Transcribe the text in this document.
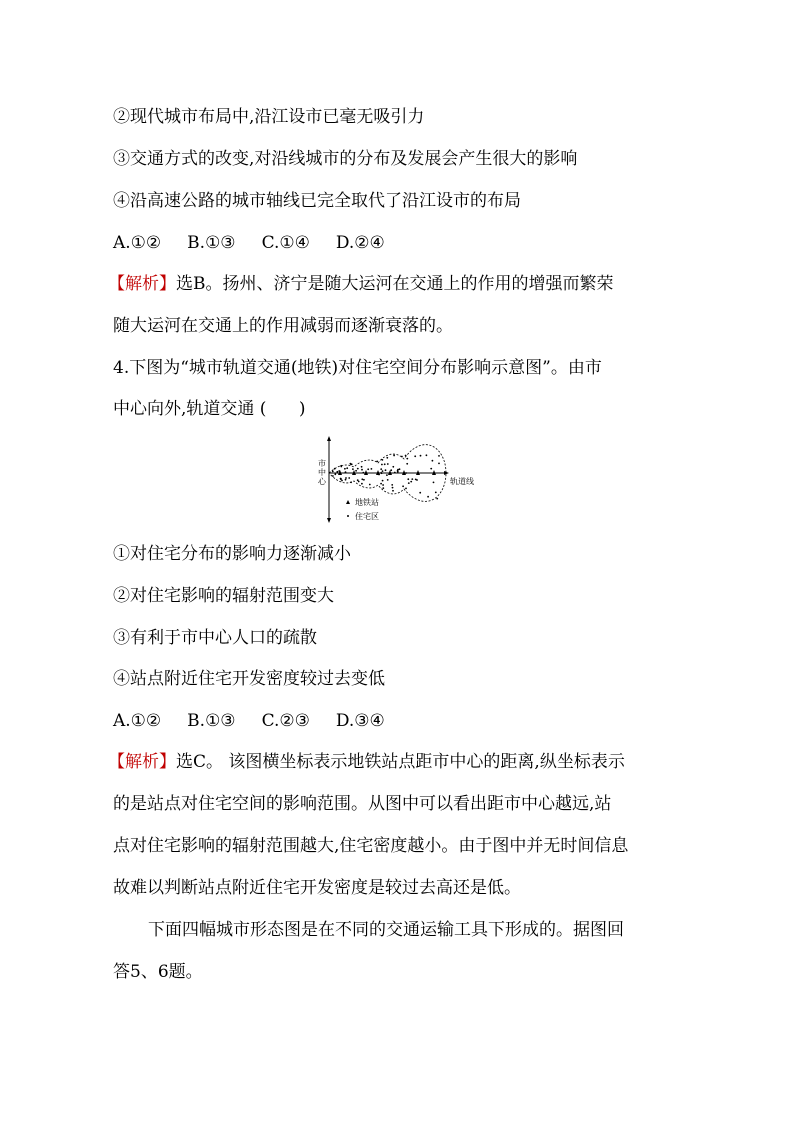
②现代城市布局中,沿江设市已毫无吸引力
③交通方式的改变,对沿线城市的分布及发展会产生很大的影响
④沿高速公路的城市轴线已完全取代了沿江设市的布局
A.①② B.①③ C.①④ D.②④
【解析】选B。扬州、济宁是随大运河在交通上的作用的增强而繁荣
随大运河在交通上的作用减弱而逐渐衰落的。
4.下图为“城市轨道交通(地铁)对住宅空间分布影响示意图”。由市
中心向外,轨道交通 (      )
市
中
心	轨道线
地铁站
住宅区
①对住宅分布的影响力逐渐减小
②对住宅影响的辐射范围变大
③有利于市中心人口的疏散
④站点附近住宅开发密度较过去变低
A.①② B.①③ C.②③ D.③④
【解析】选C。 该图横坐标表示地铁站点距市中心的距离,纵坐标表示
的是站点对住宅空间的影响范围。从图中可以看出距市中心越远,站
点对住宅影响的辐射范围越大,住宅密度越小。由于图中并无时间信息
故难以判断站点附近住宅开发密度是较过去高还是低。
下面四幅城市形态图是在不同的交通运输工具下形成的。据图回
答5、6题。
